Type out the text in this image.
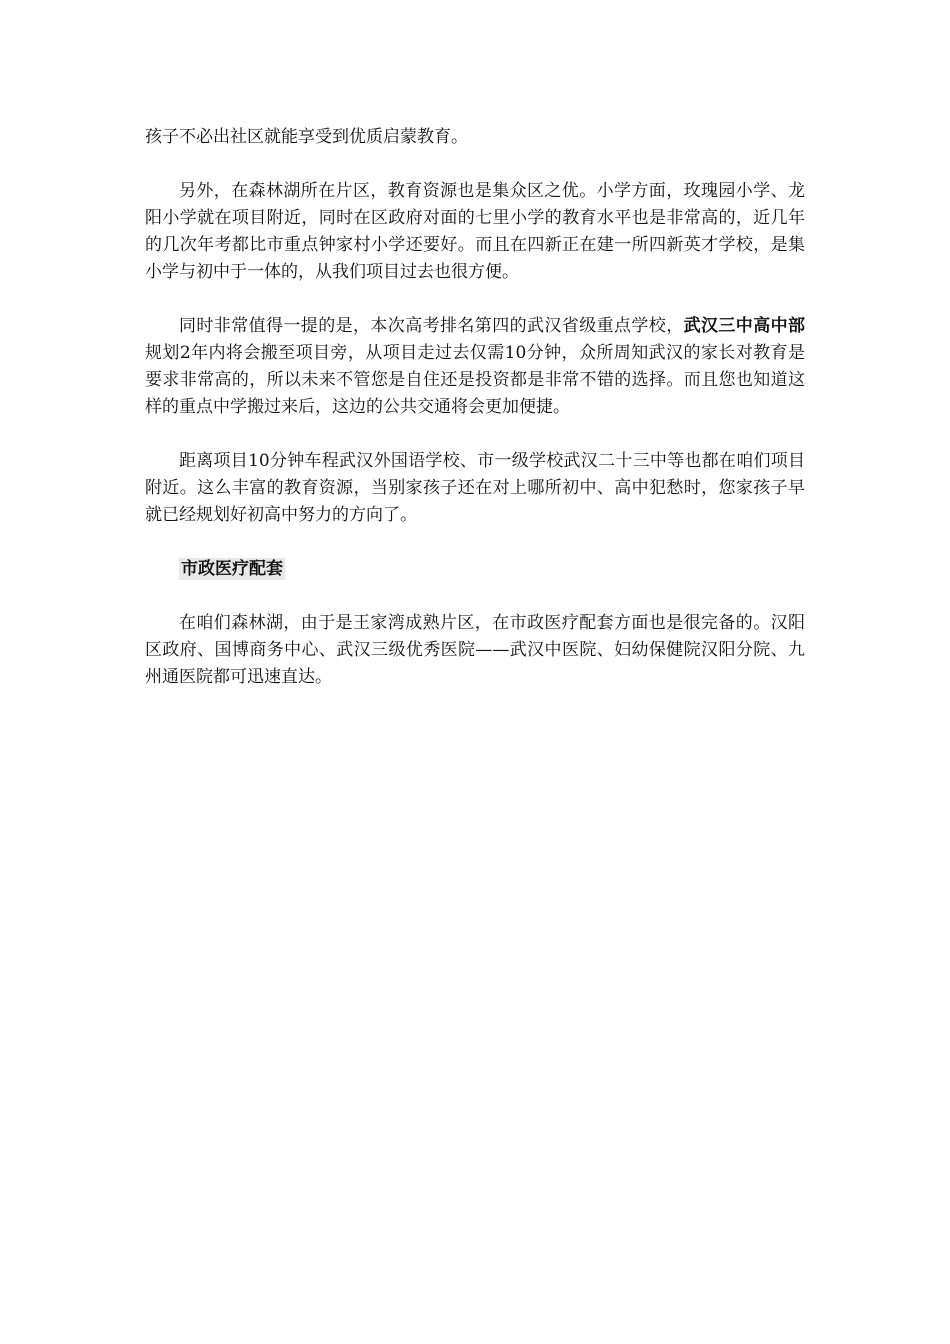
孩子不必出社区就能享受到优质启蒙教育。

另外，在森林湖所在片区，教育资源也是集众区之优。小学方面，玫瑰园小学、龙阳小学就在项目附近，同时在区政府对面的七里小学的教育水平也是非常高的，近几年的几次年考都比市重点钟家村小学还要好。而且在四新正在建一所四新英才学校，是集小学与初中于一体的，从我们项目过去也很方便。

同时非常值得一提的是，本次高考排名第四的武汉省级重点学校，武汉三中高中部规划2年内将会搬至项目旁，从项目走过去仅需10分钟，众所周知武汉的家长对教育是要求非常高的，所以未来不管您是自住还是投资都是非常不错的选择。而且您也知道这样的重点中学搬过来后，这边的公共交通将会更加便捷。

距离项目10分钟车程武汉外国语学校、市一级学校武汉二十三中等也都在咱们项目附近。这么丰富的教育资源，当别家孩子还在对上哪所初中、高中犯愁时，您家孩子早就已经规划好初高中努力的方向了。

市政医疗配套

在咱们森林湖，由于是王家湾成熟片区，在市政医疗配套方面也是很完备的。汉阳区政府、国博商务中心、武汉三级优秀医院——武汉中医院、妇幼保健院汉阳分院、九州通医院都可迅速直达。
